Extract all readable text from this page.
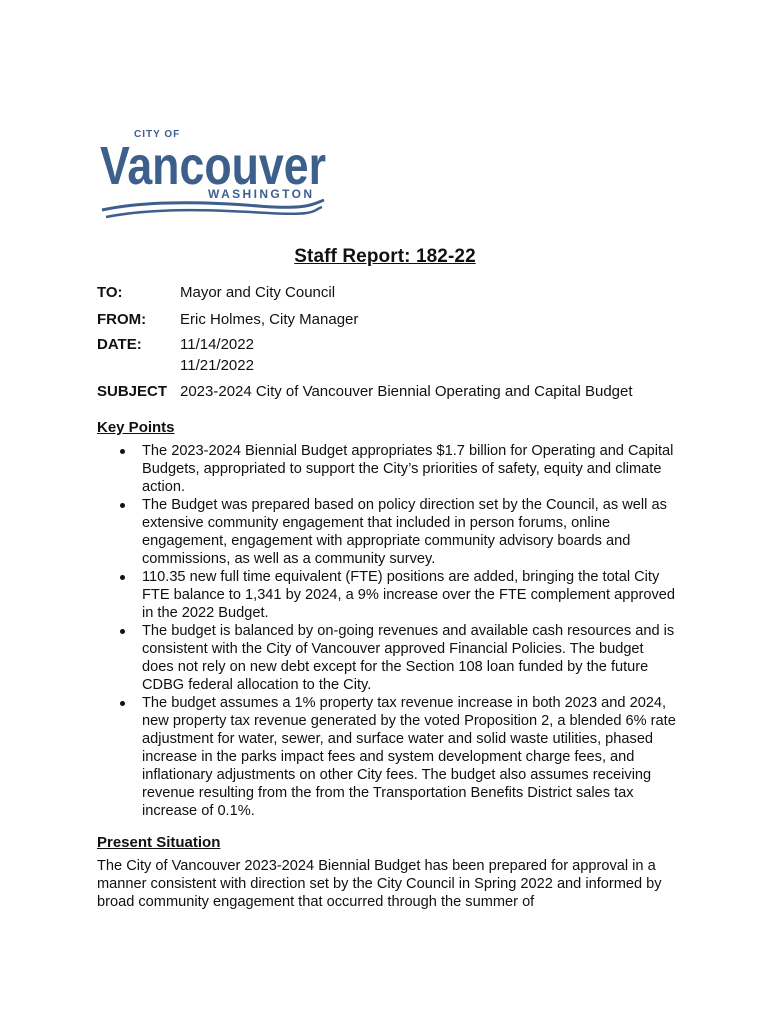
CITY OF
Vancouver
WASHINGTON
Staff Report: 182-22
TO:	Mayor and City Council
FROM: Eric Holmes, City Manager
DATE:	11/14/2022
11/21/2022
SUBJECT 2023-2024 City of Vancouver Biennial Operating and Capital Budget
Key Points
The 2023-2024 Biennial Budget appropriates $1.7 billion for Operating and Capital Budgets, appropriated to support the City’s priorities of safety, equity and climate action.
The Budget was prepared based on policy direction set by the Council, as well as extensive community engagement that included in person forums, online engagement, engagement with appropriate community advisory boards and commissions, as well as a community survey.
110.35 new full time equivalent (FTE) positions are added, bringing the total City FTE balance to 1,341 by 2024, a 9% increase over the FTE complement approved in the 2022 Budget.
The budget is balanced by on-going revenues and available cash resources and is consistent with the City of Vancouver approved Financial Policies. The budget does not rely on new debt except for the Section 108 loan funded by the future CDBG federal allocation to the City.
The budget assumes a 1% property tax revenue increase in both 2023 and 2024, new property tax revenue generated by the voted Proposition 2, a blended 6% rate adjustment for water, sewer, and surface water and solid waste utilities, phased increase in the parks impact fees and system development charge fees, and inflationary adjustments on other City fees. The budget also assumes receiving revenue resulting from the from the Transportation Benefits District sales tax increase of 0.1%.
Present Situation

The City of Vancouver 2023-2024 Biennial Budget has been prepared for approval in a manner consistent with direction set by the City Council in Spring 2022 and informed by broad community engagement that occurred through the summer of
